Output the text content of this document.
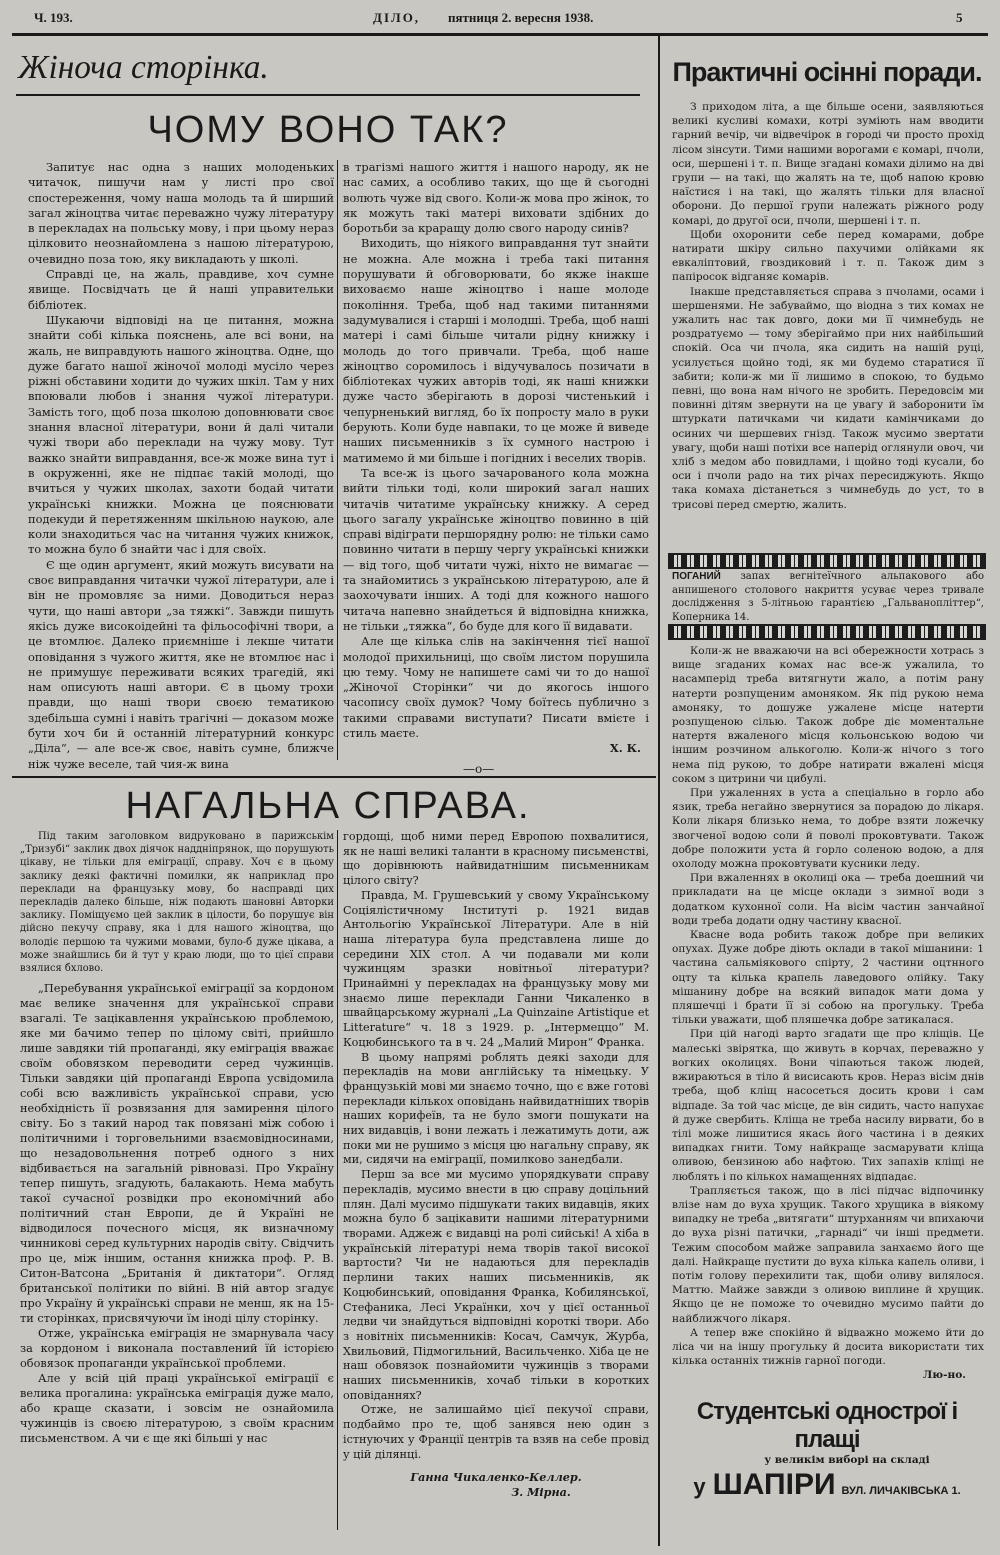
Ч. 193.	ДІЛО, пятниця 2. вересня 1938.	5
Жіноча сторінка.
ЧОМУ ВОНО ТАК?

Запитує нас одна з наших молоденьких читачок, пишучи нам у листі про свої спостереження, чому наша молодь та й ширший загал жіноцтва читає переважно чужу літературу в перекладах на польську мову, і при цьому нераз цілковито неознайомлена з нашою літературою, очевидно поза тою, яку викладають у школі.

Справді це, на жаль, правдиве, хоч сумне явище. Посвідчать це й наші управительки бібліотек.

Шукаючи відповіді на це питання, можна знайти собі кілька пояснень, але всі вони, на жаль, не виправдують нашого жіноцтва. Одне, що дуже багато нашої жіночої молоді мусіло через ріжні обставини ходити до чужих шкіл. Там у них впоювали любов і знання чужої літератури. Замість того, щоб поза школою доповнювати своє знання власної літератури, вони й далі читали чужі твори або переклади на чужу мову. Тут важко знайти виправдання, все-ж може вина тут і в окруженні, яке не підпає такій молоді, що вчиться у чужих школах, захоти бодай читати українські книжки. Можна це пояснювати подекуди й перетяженням шкільною наукою, але коли знаходиться час на читання чужих книжок, то можна було б знайти час і для своїх.

Є ще один аргумент, який можуть висувати на своє виправдання читачки чужої літератури, але і він не промовляє за ними. Доводиться нераз чути, що наші автори „за тяжкі“. Завжди пишуть якісь дуже високоідейні та фільософічні твори, а це втомлює. Далеко приємніше і лекше читати оповідання з чужого життя, яке не втомлює нас і не примушує переживати всяких трагедій, які нам описують наші автори. Є в цьому трохи правди, що наші твори своєю тематикою здебільша сумні і навіть трагічні — доказом може бути хоч би й останній літературний конкурс „Діла“, — але все-ж своє, навіть сумне, ближче ніж чуже веселе, тай чия-ж вина

в трагізмі нашого життя і нашого народу, як не нас самих, а особливо таких, що ще й сьогодні волють чуже від свого. Коли-ж мова про жінок, то як можуть такі матері виховати здібних до боротьби за краращу долю свого народу синів?

Виходить, що ніякого виправдання тут знайти не можна. Але можна і треба такі питання порушувати й обговорювати, бо якже інакше виховаємо наше жіноцтво і наше молоде покоління. Треба, щоб над такими питаннями задумувалися і старші і молодші. Треба, щоб наші матері і самі більше читали рідну книжку і молодь до того привчали. Треба, щоб наше жіноцтво соромилось і відучувалось позичати в бібліотеках чужих авторів тоді, як наші книжки дуже часто зберігають в дорозі чистенький і чепурненький вигляд, бо їх попросту мало в руки берують. Коли буде навпаки, то це може й виведе наших письменників з їх сумного настрою і матимемо й ми більше і погідних і веселих творів.

Та все-ж із цього зачарованого кола можна вийти тільки тоді, коли широкий загал наших читачів читатиме українську книжку. А серед цього загалу українське жіноцтво повинно в цій справі відіграти першорядну ролю: не тільки само повинно читати в першу чергу українські книжки — від того, щоб читати чужі, ніхто не вимагає — та знайомитись з українською літературою, але й заохочувати інших. А тоді для кожного нашого читача напевно знайдеться й відповідна книжка, не тільки „тяжка“, бо буде для кого її видавати.

Але ще кілька слів на закінчення тієї нашої молодої прихильниці, що своїм листом порушила цю тему. Чому не напишете самі чи то до нашої „Жіночої Сторінки“ чи до якогось іншого часопису своїх думок? Чому боїтесь публично з такими справами виступати? Писати вмієте і стиль маєте.

Х. К.
—о—
НАГАЛЬНА СПРАВА.

Під таким заголовком видруковано в парижськім „Тризубі“ заклик двох діячок надднiпрянок, що порушують цікаву, не тільки для еміграції, справу. Хоч є в цьому заклику деякі фактичні помилки, як наприклад про переклади на французьку мову, бо насправді цих перекладів далеко більше, ніж подають шановні Авторки заклику. Поміщуємо цей заклик в цілости, бо порушує він дійсно пекучу справу, яка і для нашого жіноцтва, що володіє першою та чужими мовами, було-б дуже цікава, а може знайшлись би й тут у краю люди, що то цієї справи взялися бхлово.

„Перебування української еміграції за кордоном має велике значення для української справи взагалі. Те зацікавлення українською проблемою, яке ми бачимо тепер по цілому світі, прийшло лише завдяки тій пропаганді, яку еміграція вважає своїм обовязком переводити серед чужинців. Тільки завдяки цій пропаганді Европа усвідомила собі всю важливість української справи, усю необхідність її розвязання для замирення цілого світу. Бо з такий народ так повязані між собою і політичними і торговельними взаємовідносинами, що незадовольнення потреб одного з них відбивається на загальній рівновазі. Про Україну тепер пишуть, згадують, балакають. Нема мабуть такої сучасної розвідки про економічний або політичний стан Европи, де й Україні не відводилося почесного місця, як визначному чинникові серед культурних народів світу. Свідчить про це, між іншим, остання книжка проф. Р. В. Ситон-Ватсона „Британія й диктатори“. Огляд британської політики по війні. В ній автор згадує про Україну й українські справи не менш, як на 15-ти сторінках, присвячуючи їм іноді цілу сторінку.

Отже, українська еміграція не змарнувала часу за кордоном і виконала поставлений їй історією обовязок пропаганди української проблеми.

Але у всій цій праці української еміграції є велика прогалина: українська еміграція дуже мало, або краще сказати, і зовсім не ознайомила чужинців із своєю літературою, з своїм красним письменством. А чи є ще які більші у нас

гордощі, щоб ними перед Европою похвалитися, як не наші великі таланти в красному письменстві, що дорівнюють найвидатнішим письменникам цілого світу?

Правда, М. Грушевський у свому Українському Соціялістичному Інституті р. 1921 видав Антольогію Української Літератури. Але в ній наша література була представлена лише до середини XIX стол. А чи подавали ми коли чужинцям зразки новітньої літератури? Принаймні у перекладах на французьку мову ми знаємо лише переклади Ганни Чикаленко в швайцарському журналі „La Quinzaine Artistique et Litterature“ ч. 18 з 1929. р. „Інтермеццо“ М. Коцюбинського та в ч. 24 „Малий Мирон“ Франка.

В цьому напрямі роблять деякі заходи для перекладів на мови англійську та німецьку. У французькій мові ми знаємо точно, що є вже готові переклади кількох оповідань найвидатніших творів наших корифеїв, та не було змоги пошукати на них видавців, і вони лежать і лежатимуть доти, аж поки ми не рушимо з місця цю нагальну справу, як ми, сидячи на еміграції, помилково занедбали.

Перш за все ми мусимо упорядкувати справу перекладів, мусимо внести в цю справу доцільний плян. Далі мусимо підшукати таких видавців, яких можна було б зацікавити нашими літературними творами. Аджеж є видавці на ролі сийські! А хіба в українській літературі нема творів такої високої вартости? Чи не надаються для перекладів перлини таких наших письменників, як Коцюбинський, оповідання Франка, Кобилянської, Стефаника, Лесі Українки, хоч у цієї останньої ледви чи знайдуться відповідні короткі твори. Або з новітніх письменників: Косач, Самчук, Журба, Хвильовий, Підмогильний, Васильченко. Хіба це не наш обовязок познайомити чужинців з творами наших письменників, хочаб тільки в коротких оповіданнях?

Отже, не залишаймо цієї пекучої справи, подбаймо про те, щоб занявся нею один з істнуючих у Франції центрів та взяв на себе провід у цій ділянці.

Ганна Чикаленко-Келлер.
З. Мірна.
Практичні осінні поради.

З приходом літа, а ще більше осени, заявляються великі кусливі комахи, котрі зуміють нам вводити гарний вечір, чи відвечірок в городі чи просто прохід лісом зінсути. Тими нашими ворогами є комарі, пчоли, оси, шершені і т. п. Вище згадані комахи ділимо на дві групи — на такі, що жалять на те, щоб напою кровю наїстися і на такі, що жалять тільки для власної оборони. До першої групи належать ріжного роду комарі, до другої оси, пчоли, шершені і т. п.

Щоби охоронити себе перед комарами, добре натирати шкіру сильно пахучими олійками як евкаліптовий, гвоздиковий і т. п. Також дим з папіросок відганяє комарів.

Інакше представляється справа з пчолами, осами і шершенями. Не забуваймо, що віодна з тих комах не ужалить нас так довго, доки ми її чимнебудь не роздратуємо — тому зберігаймо при них найбільший спокій. Оса чи пчола, яка сидить на нашій руці, усилується щойно тоді, як ми будемо старатися її забити; коли-ж ми її лишимо в спокою, то будьмо певні, що вона нам нічого не зробить. Передовсім ми повинні дітям звернути на це увагу й заборонити їм штуркати патичками чи кидати камінчиками до осиних чи шершевих гнізд. Також мусимо звертати увагу, щоби наші потіхи все наперід оглянули овоч, чи хліб з медом або повидлами, і щойно тоді кусали, бо оси і пчоли радо на тих річах пересиджують. Якщо така комаха дістанеться з чимнебудь до уст, то в трисові перед смертю, жалить.

ПОГАНИЙ запах вегнітеїчного альпакового або анпишеного столового накриття усуває через тривале дослідження з 5-літньою гарантією „Гальванопліттер“, Коперника 14.

Коли-ж не вважаючи на всі обережности хотрась з вище згаданих комах нас все-ж ужалила, то насамперід треба витягнути жало, а потім рану натерти розпущеним амоняком. Як під рукою нема амоняку, то дошуже ужалене місце натерти розпущеною сілью. Також добре діє моментальне натертя вжаленого місця кольонською водою чи іншим розчином алькоголю. Коли-ж нічого з того нема під рукою, то добре натирати вжалені місця соком з цитрини чи цибулі.

При ужаленнях в уста а спеціально в горло або язик, треба негайно звернутися за порадою до лікаря. Коли лікаря близько нема, то добре взяти ложечку звогченої водою соли й поволі проковтувати. Також добре положити уста й горло соленою водою, а для охолоду можна проковтувати кусники леду.

При вжаленнях в околиці ока — треба доешний чи прикладати на це місце оклади з зимної води з додатком кухонної соли. На вісім частин занчайної води треба додати одну частину квасної.

Квасне вода робить також добре при великих опухах. Дуже добре діють оклади в такої мішанини: 1 частина сальміякового спірту, 2 частини оцтнного оцту та кілька крапель лаведового олійку. Таку мішанину добре на всякий випадок мати дома у пляшечці і брати її зі собою на прогульку. Треба тільки уважати, щоб пляшечка добре затикалася.

При цій нагоді варто згадати ще про кліщів. Це малеські звірятка, що живуть в корчах, переважно у вогких околицях. Вони чіпаються також людей, вжираються в тіло й висисають кров. Нераз вісім днів треба, щоб кліщ насосеться досить крови і сам відпаде. За той час місце, де він сидить, часто напухає й дуже свербить. Кліща не треба насилу вирвати, бо в тілі може лишитися якась його частина і в деяких випадках гнити. Тому найкраще засмарувати кліща оливою, бензиною або нафтою. Тих запахів кліщі не люблять і по кількох намащеннях відпадає.

Трапляється також, що в лісі підчас відпочинку влізе нам до вуха хрущик. Такого хрущика в віякому випадку не треба „витягати“ штурханням чи впихаючи до вуха різні патички, „гарнаді“ чи інші предмети. Тежим способом майже заправила занхаємо його ще далі. Найкраще пустити до вуха кілька капель оливи, і потім голову перехилити так, щоби оливу вилялося. Маттю. Майже завжди з оливою виплине й хрущик. Якщо це не поможе то очевидно мусимо пайти до найближчого лікаря.

А тепер вже спокійно й відважно можемо йти до ліса чи на іншу прогульку й досита використати тих кілька останніх тижнів гарної погоди.

Лю-но.
Студентські однострої і плащі
у великім виборі на складі
у ШАПІРИ ВУЛ. ЛИЧАКІВСЬКА 1.
